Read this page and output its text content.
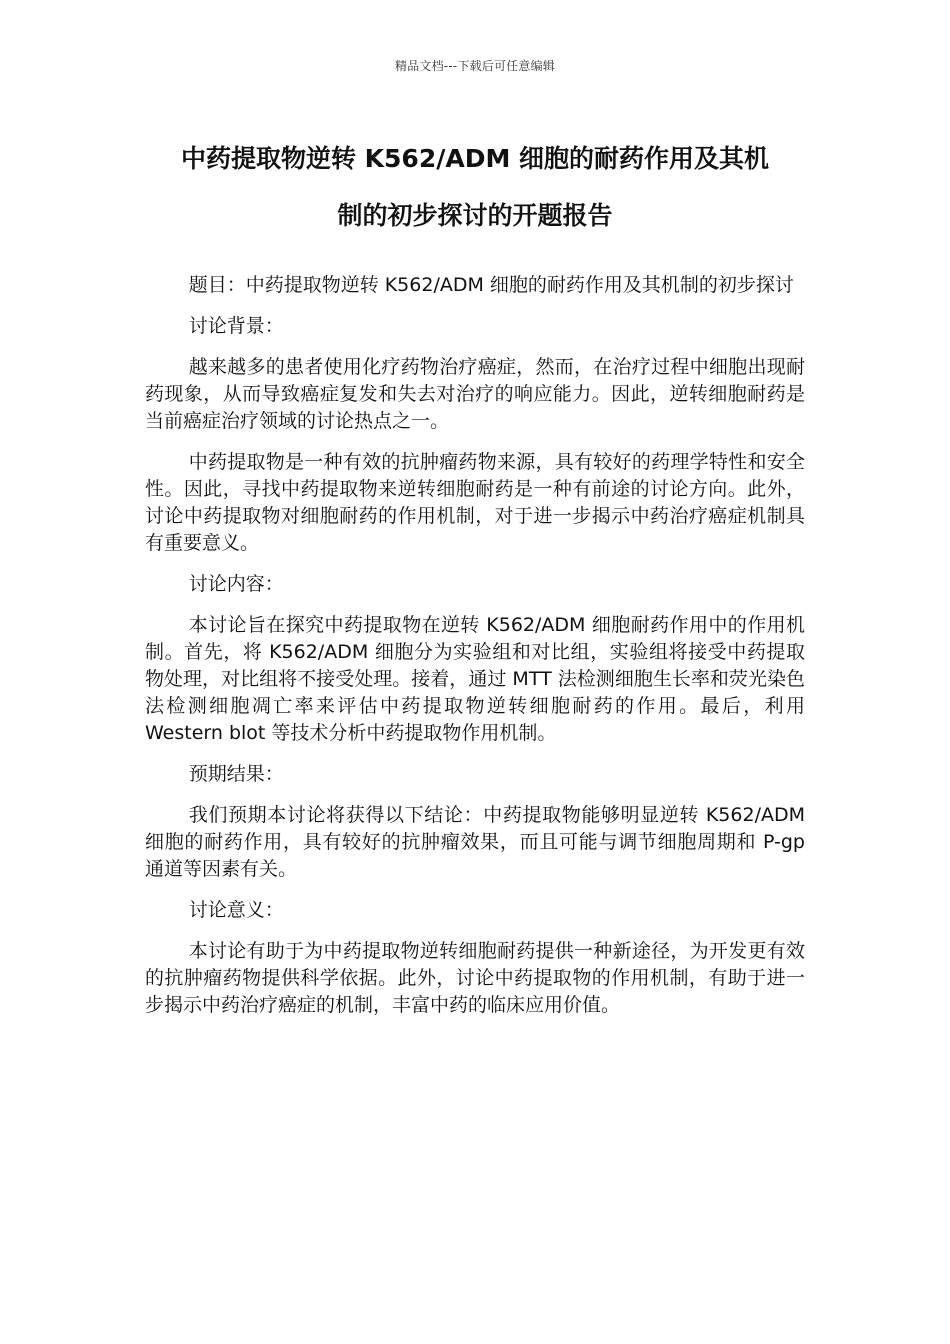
精品文档---下载后可任意编辑
中药提取物逆转 K562/ADM 细胞的耐药作用及其机
制的初步探讨的开题报告

题目：中药提取物逆转 K562/ADM 细胞的耐药作用及其机制的初步探讨

讨论背景：

越来越多的患者使用化疗药物治疗癌症，然而，在治疗过程中细胞出现耐药现象，从而导致癌症复发和失去对治疗的响应能力。因此，逆转细胞耐药是当前癌症治疗领域的讨论热点之一。

中药提取物是一种有效的抗肿瘤药物来源，具有较好的药理学特性和安全性。因此，寻找中药提取物来逆转细胞耐药是一种有前途的讨论方向。此外，讨论中药提取物对细胞耐药的作用机制，对于进一步揭示中药治疗癌症机制具有重要意义。

讨论内容：

本讨论旨在探究中药提取物在逆转 K562/ADM 细胞耐药作用中的作用机制。首先，将 K562/ADM 细胞分为实验组和对比组，实验组将接受中药提取物处理，对比组将不接受处理。接着，通过 MTT 法检测细胞生长率和荧光染色法检测细胞凋亡率来评估中药提取物逆转细胞耐药的作用。最后，利用 Western blot 等技术分析中药提取物作用机制。

预期结果：

我们预期本讨论将获得以下结论：中药提取物能够明显逆转 K562/ADM 细胞的耐药作用，具有较好的抗肿瘤效果，而且可能与调节细胞周期和 P-gp 通道等因素有关。

讨论意义：

本讨论有助于为中药提取物逆转细胞耐药提供一种新途径，为开发更有效的抗肿瘤药物提供科学依据。此外，讨论中药提取物的作用机制，有助于进一步揭示中药治疗癌症的机制，丰富中药的临床应用价值。
